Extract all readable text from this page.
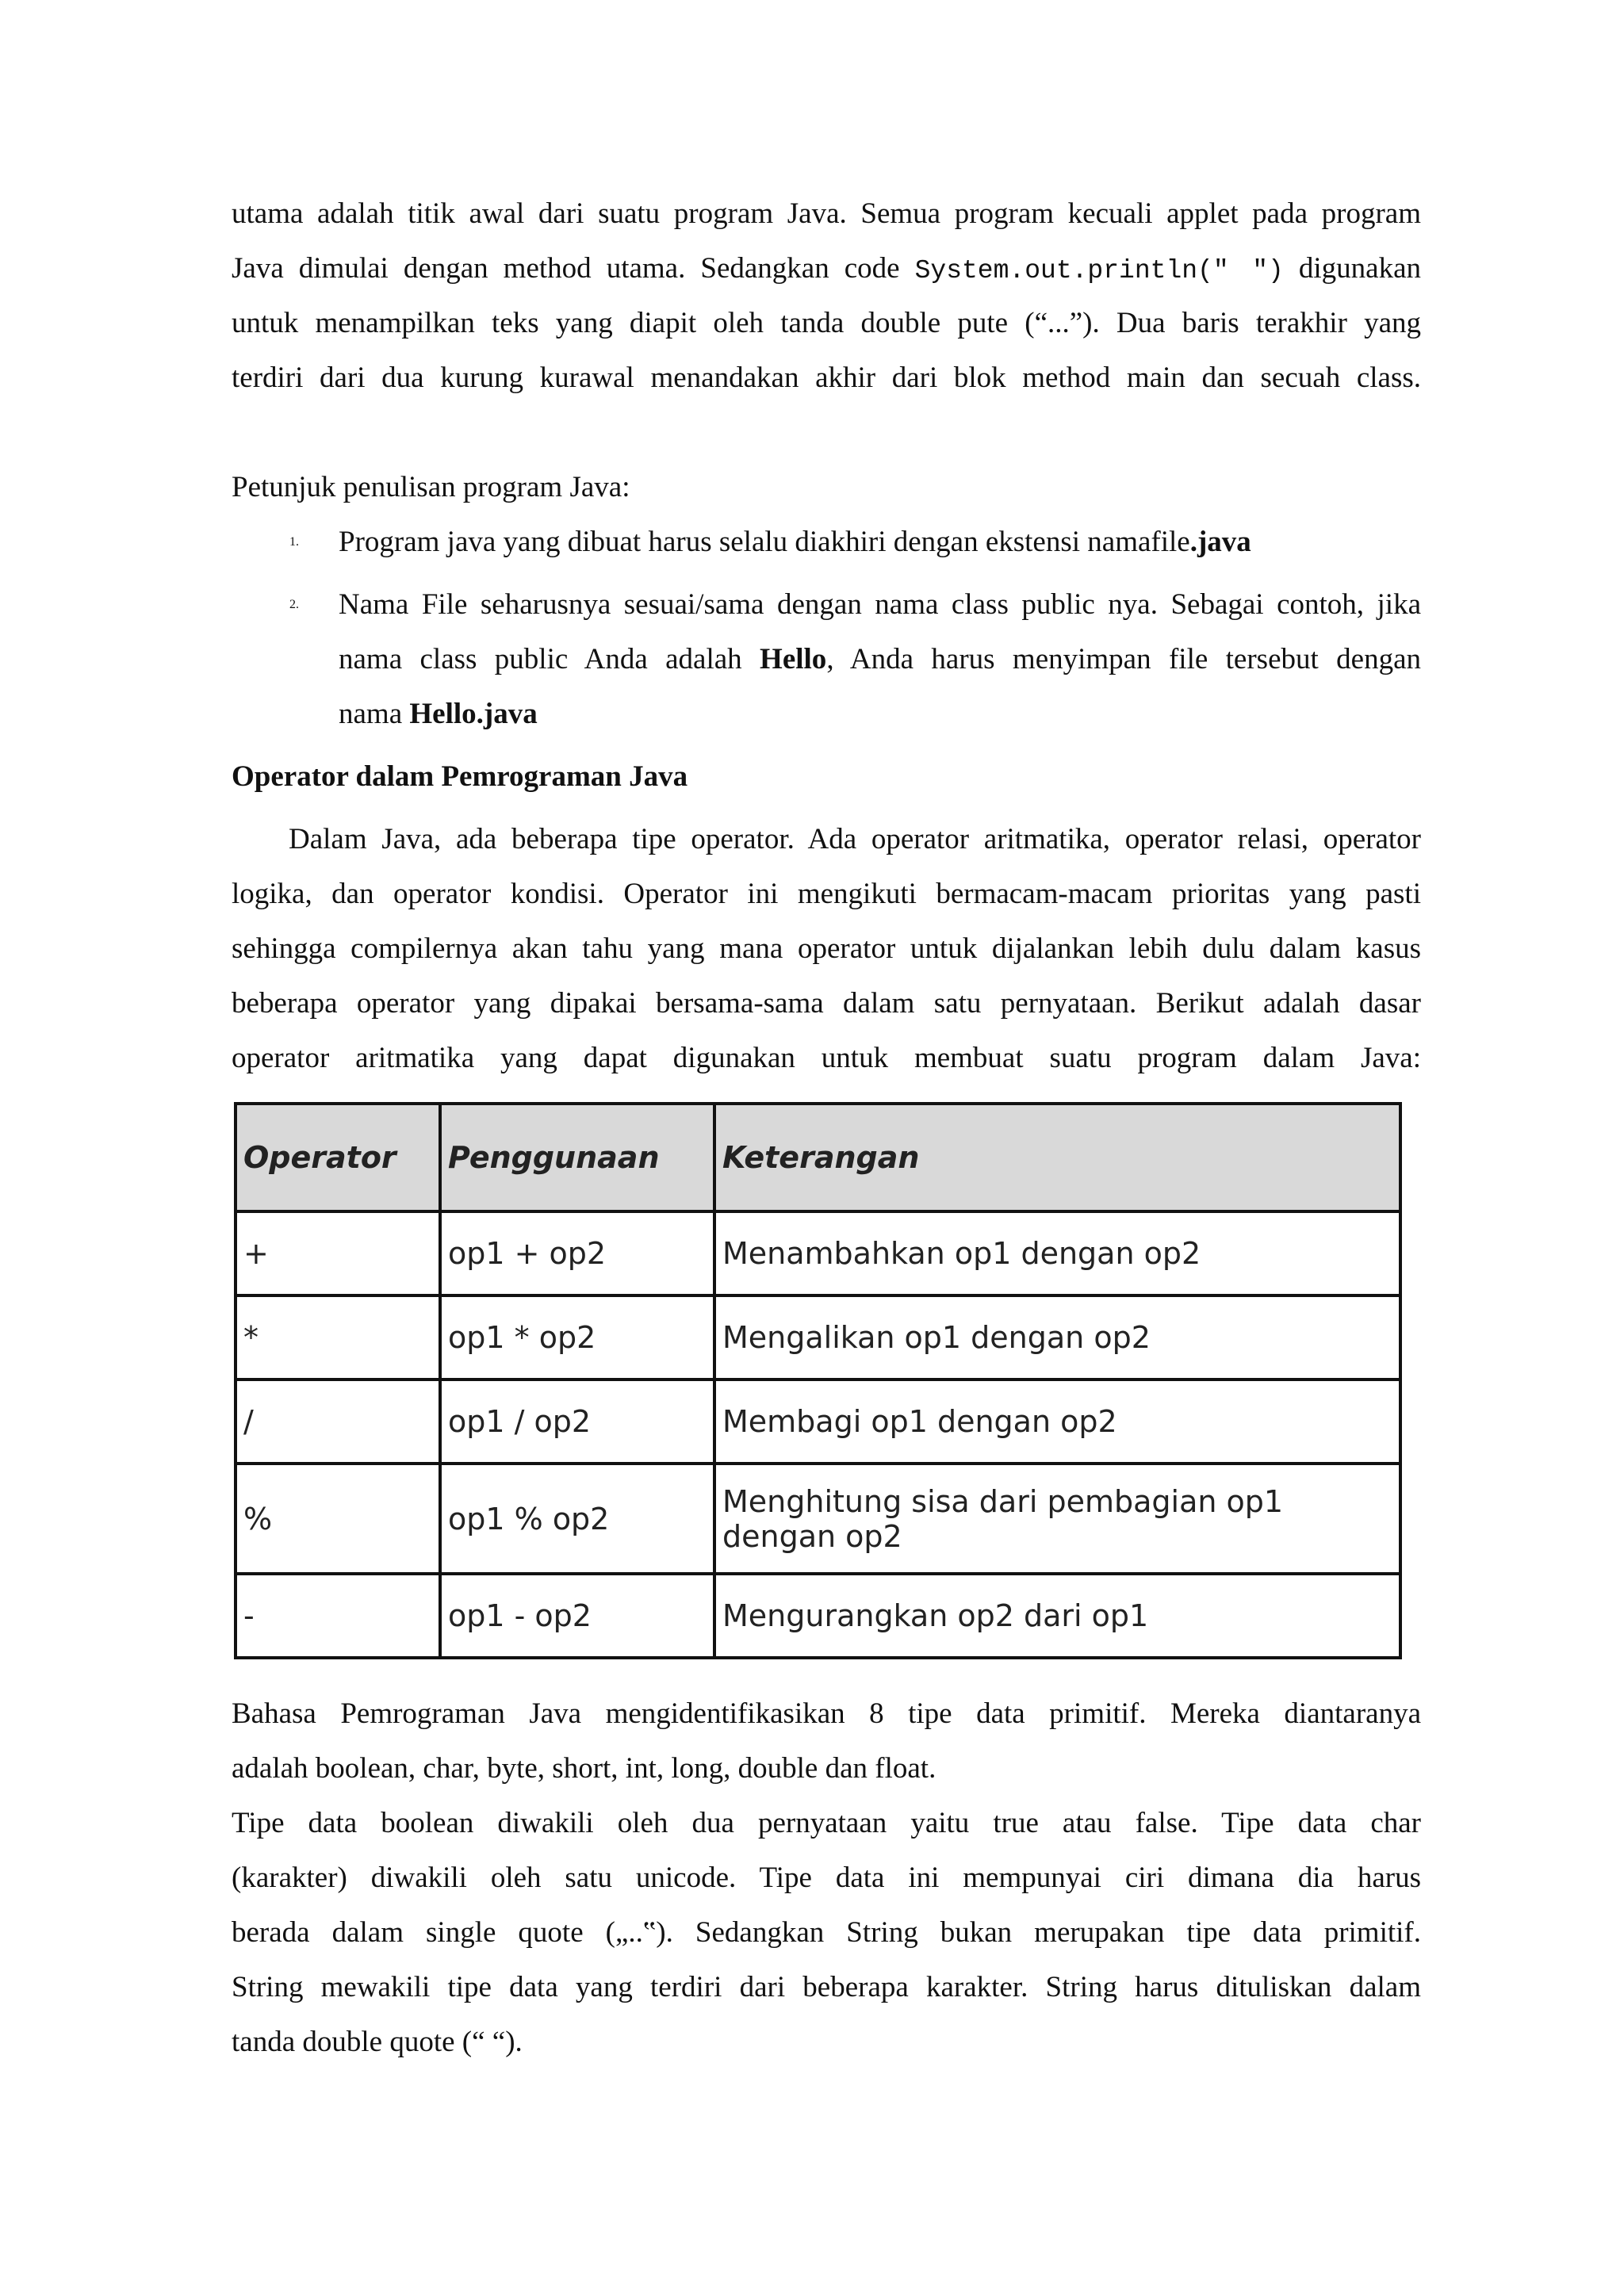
utama adalah titik awal dari suatu program Java. Semua program kecuali applet pada program

Java dimulai dengan method utama. Sedangkan code System.out.println(" ") digunakan

untuk menampilkan teks yang diapit oleh tanda double pute (“...”). Dua baris terakhir yang

terdiri dari dua kurung kurawal menandakan akhir dari blok method main dan secuah class.

Petunjuk penulisan program Java:

1.	Program java yang dibuat harus selalu diakhiri dengan ekstensi namafile.java

2.	Nama File seharusnya sesuai/sama dengan nama class public nya. Sebagai contoh, jika

nama class public Anda adalah Hello, Anda harus menyimpan file tersebut dengan

nama Hello.java

Operator dalam Pemrograman Java

Dalam Java, ada beberapa tipe operator. Ada operator aritmatika, operator relasi, operator

logika, dan operator kondisi. Operator ini mengikuti bermacam-macam prioritas yang pasti

sehingga compilernya akan tahu yang mana operator untuk dijalankan lebih dulu dalam kasus

beberapa operator yang dipakai bersama-sama dalam satu pernyataan. Berikut adalah dasar

operator aritmatika yang dapat digunakan untuk membuat suatu program dalam Java:

Operator	Penggunaan	Keterangan
+	op1 + op2	Menambahkan op1 dengan op2
*	op1 * op2	Mengalikan op1 dengan op2
/	op1 / op2	Membagi op1 dengan op2
%	op1 % op2	Menghitung sisa dari pembagian op1 dengan op2
-	op1 - op2	Mengurangkan op2 dari op1

Bahasa Pemrograman Java mengidentifikasikan 8 tipe data primitif. Mereka diantaranya

adalah boolean, char, byte, short, int, long, double dan float.

Tipe data boolean diwakili oleh dua pernyataan yaitu true atau false. Tipe data char

(karakter) diwakili oleh satu unicode. Tipe data ini mempunyai ciri dimana dia harus

berada dalam single quote („..‟). Sedangkan String bukan merupakan tipe data primitif.

String mewakili tipe data yang terdiri dari beberapa karakter. String harus dituliskan dalam

tanda double quote (“ “).
